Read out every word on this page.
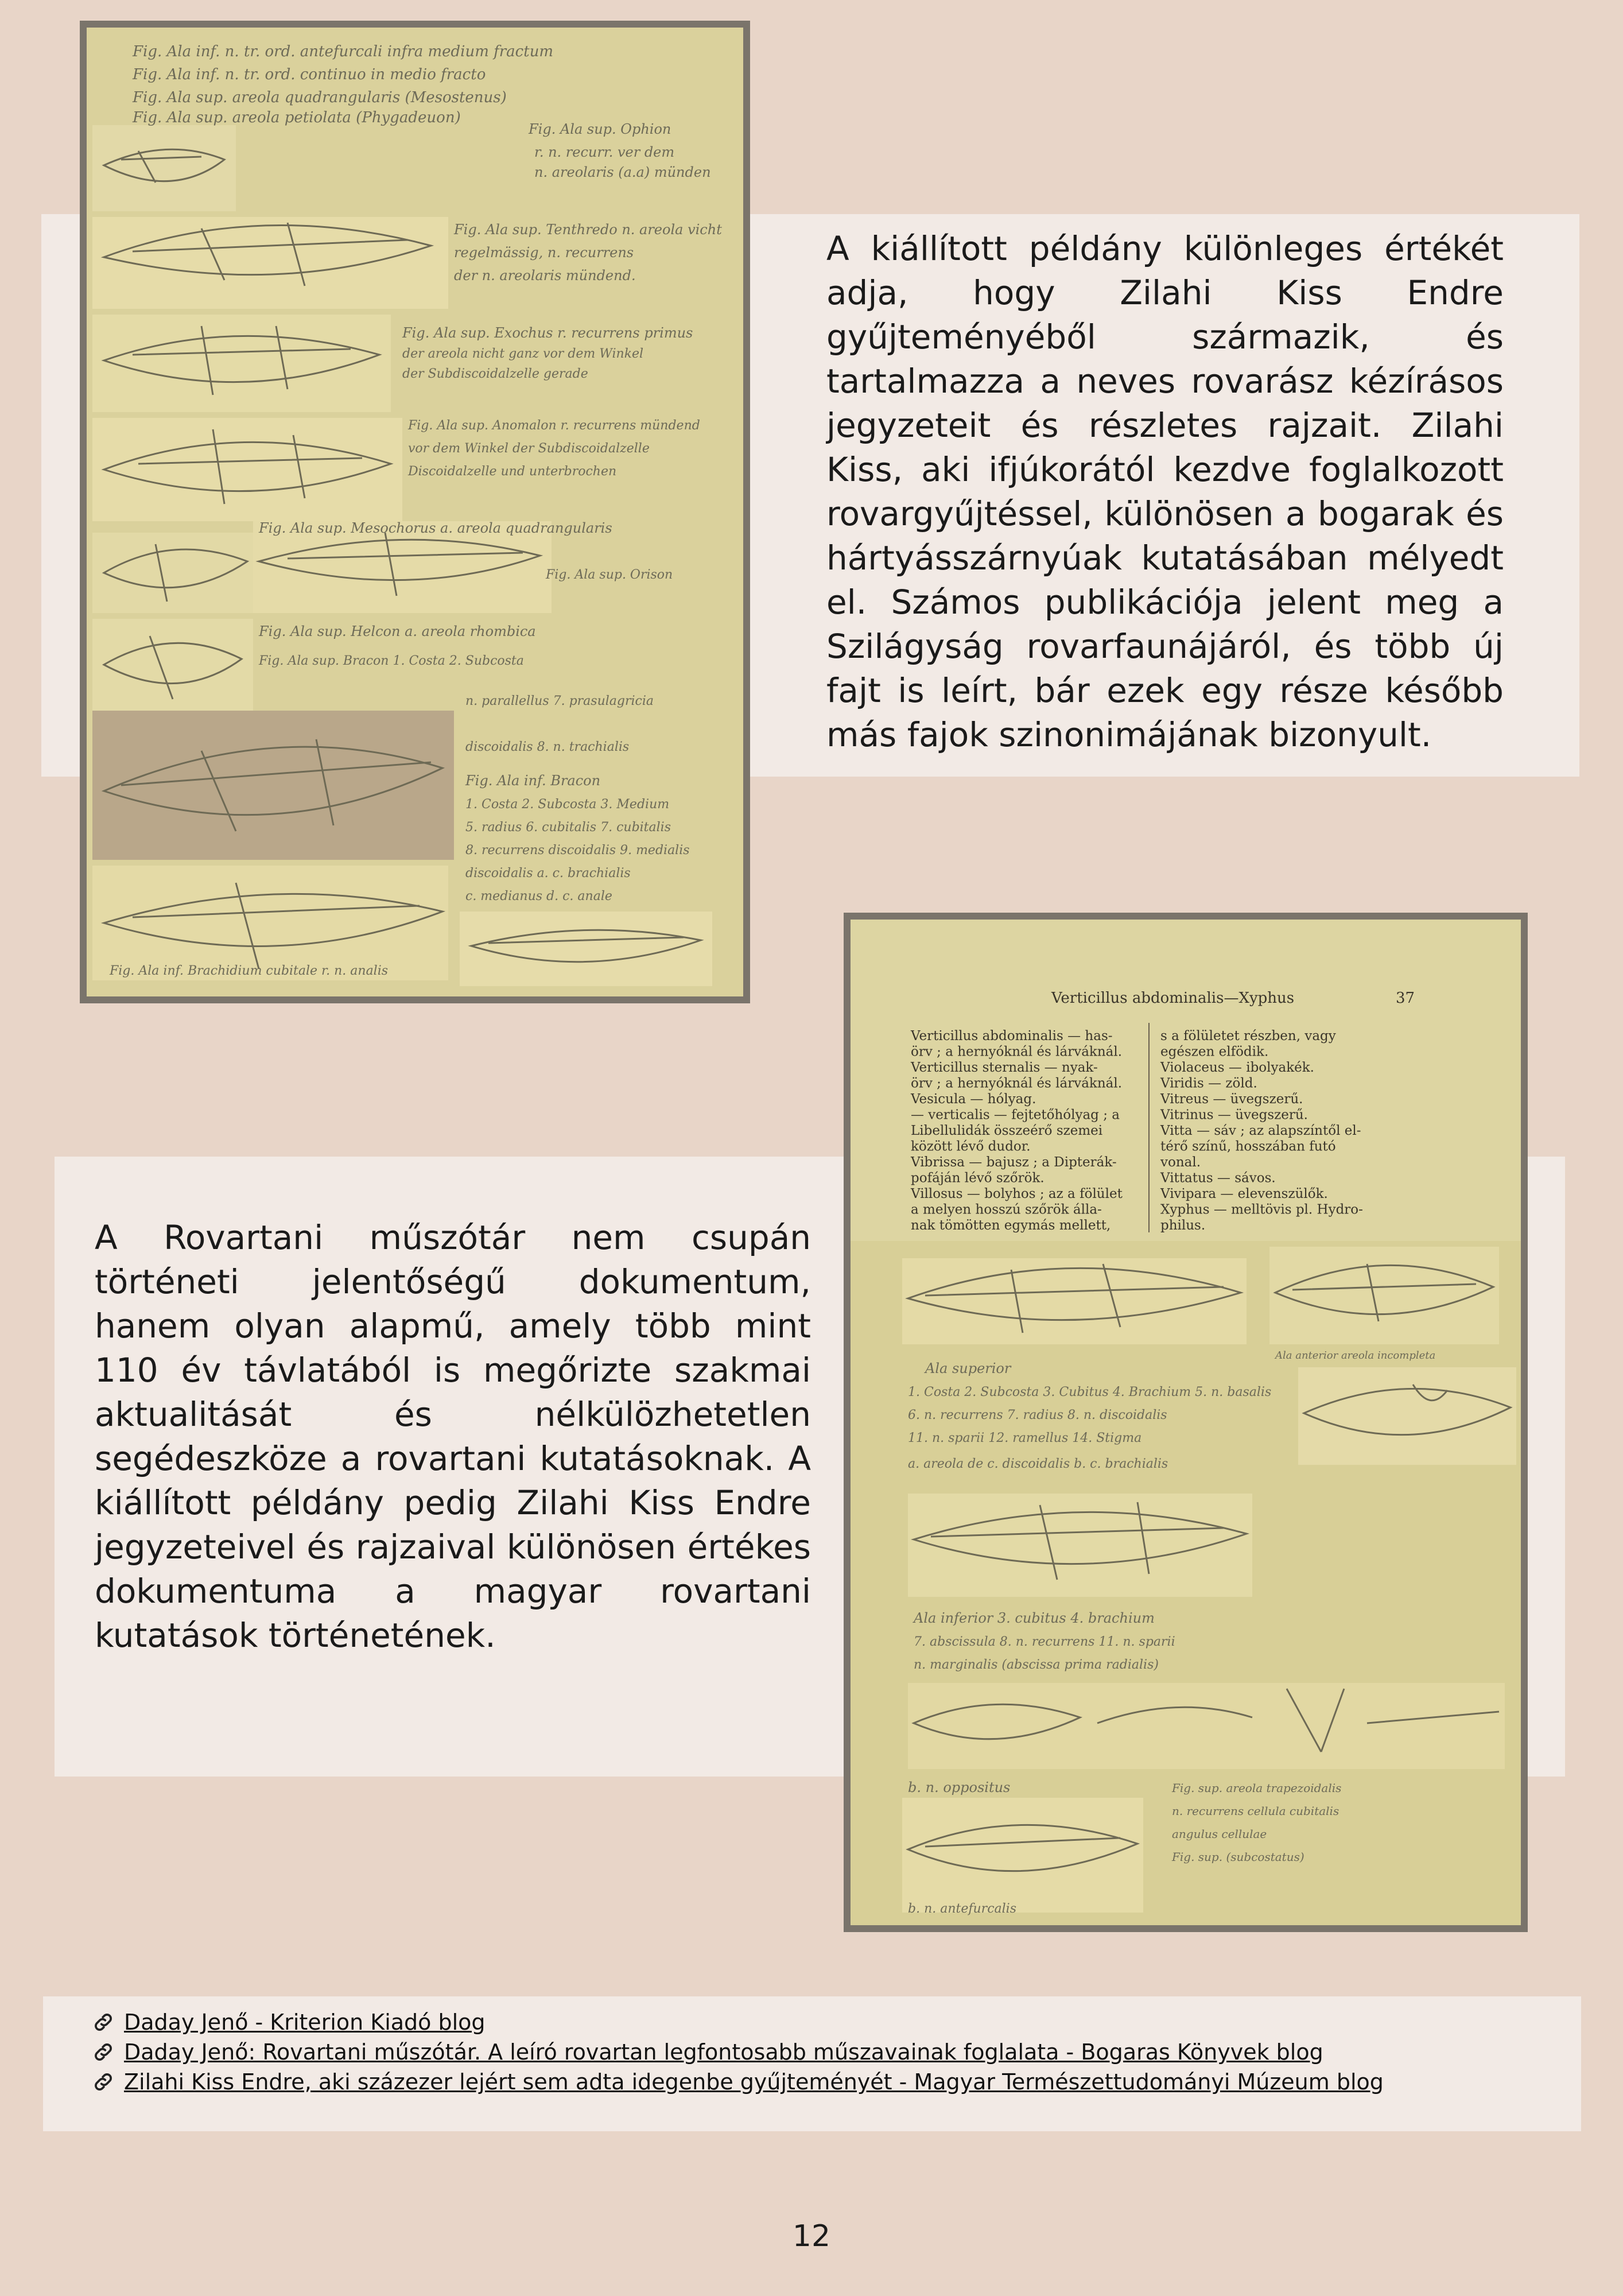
Fig. Ala inf. n. tr. ord. antefurcali infra medium fractum
Fig. Ala inf. n. tr. ord. continuo in medio fracto
Fig. Ala sup. areola quadrangularis (Mesostenus)
Fig. Ala sup. areola petiolata (Phygadeuon)
Fig. Ala sup. Ophion
r. n. recurr. ver dem
n. areolaris (a.a) münden
Fig. Ala sup. Tenthredo n. areola vicht
regelmässig, n. recurrens
der n. areolaris mündend.
Fig. Ala sup. Exochus r. recurrens primus
der areola nicht ganz vor dem Winkel
der Subdiscoidalzelle gerade
Fig. Ala sup. Anomalon r. recurrens mündend
vor dem Winkel der Subdiscoidalzelle
Discoidalzelle und unterbrochen
Fig. Ala sup. Mesochorus a. areola quadrangularis
Fig. Ala sup. Orison
Fig. Ala sup. Helcon a. areola rhombica
Fig. Ala sup. Bracon 1. Costa 2. Subcosta
n. parallellus 7. prasulagricia
discoidalis 8. n. trachialis
Fig. Ala inf. Bracon
1. Costa 2. Subcosta 3. Medium
5. radius 6. cubitalis 7. cubitalis
8. recurrens discoidalis 9. medialis
discoidalis a. c. brachialis
c. medianus d. c. anale
Fig. Ala inf. Brachidium cubitale r. n. analis

A kiállított példány különleges értékét adja, hogy Zilahi Kiss Endre gyűjteményéből származik, és tartalmazza a neves rovarász kézírásos jegyzeteit és részletes rajzait. Zilahi Kiss, aki ifjúkorától kezdve foglalkozott rovargyűjtéssel, különösen a bogarak és hártyásszárnyúak kutatásában mélyedt el. Számos publikációja jelent meg a Szilágyság rovarfaunájáról, és több új fajt is leírt, bár ezek egy része később más fajok szinonimájának bizonyult.

A Rovartani műszótár nem csupán történeti jelentőségű dokumentum, hanem olyan alapmű, amely több mint 110 év távlatából is megőrizte szakmai aktualitását és nélkülözhetetlen segédeszköze a rovartani kutatásoknak. A kiállított példány pedig Zilahi Kiss Endre jegyzeteivel és rajzaival különösen értékes dokumentuma a magyar rovartani kutatások történetének.

Verticillus abdominalis—Xyphus	37
Verticillus abdominalis — has-
örv ; a hernyóknál és lárváknál.
Verticillus sternalis — nyak-
örv ; a hernyóknál és lárváknál.
Vesicula — hólyag.
— verticalis — fejtetőhólyag ; a
Libellulidák összeérő szemei
között lévő dudor.
Vibrissa — bajusz ; a Dipterák-
pofáján lévő szőrök.
Villosus — bolyhos ; az a fölület
a melyen hosszú szőrök álla-
nak tömötten egymás mellett,
s a fölületet részben, vagy
egészen elfödik.
Violaceus — ibolyakék.
Viridis — zöld.
Vitreus — üvegszerű.
Vitrinus — üvegszerű.
Vitta — sáv ; az alapszíntől el-
térő színű, hosszában futó
vonal.
Vittatus — sávos.
Vivipara — elevenszülők.
Xyphus — melltövis pl. Hydro-
philus.
Ala superior
1. Costa 2. Subcosta 3. Cubitus 4. Brachium 5. n. basalis
6. n. recurrens 7. radius 8. n. discoidalis
11. n. sparii 12. ramellus 14. Stigma
a. areola de c. discoidalis b. c. brachialis
Ala anterior areola incompleta
Ala inferior 3. cubitus 4. brachium
7. abscissula 8. n. recurrens 11. n. sparii
n. marginalis (abscissa prima radialis)
b. n. oppositus	Fig. sup. areola trapezoidalis
n. recurrens cellula cubitalis
angulus cellulae
Fig. sup. (subcostatus)
b. n. antefurcalis
Daday Jenő - Kriterion Kiadó blog
Daday Jenő: Rovartani műszótár. A leíró rovartan legfontosabb műszavainak foglalata - Bogaras Könyvek blog
Zilahi Kiss Endre, aki százezer lejért sem adta idegenbe gyűjteményét - Magyar Természettudományi Múzeum blog
12
